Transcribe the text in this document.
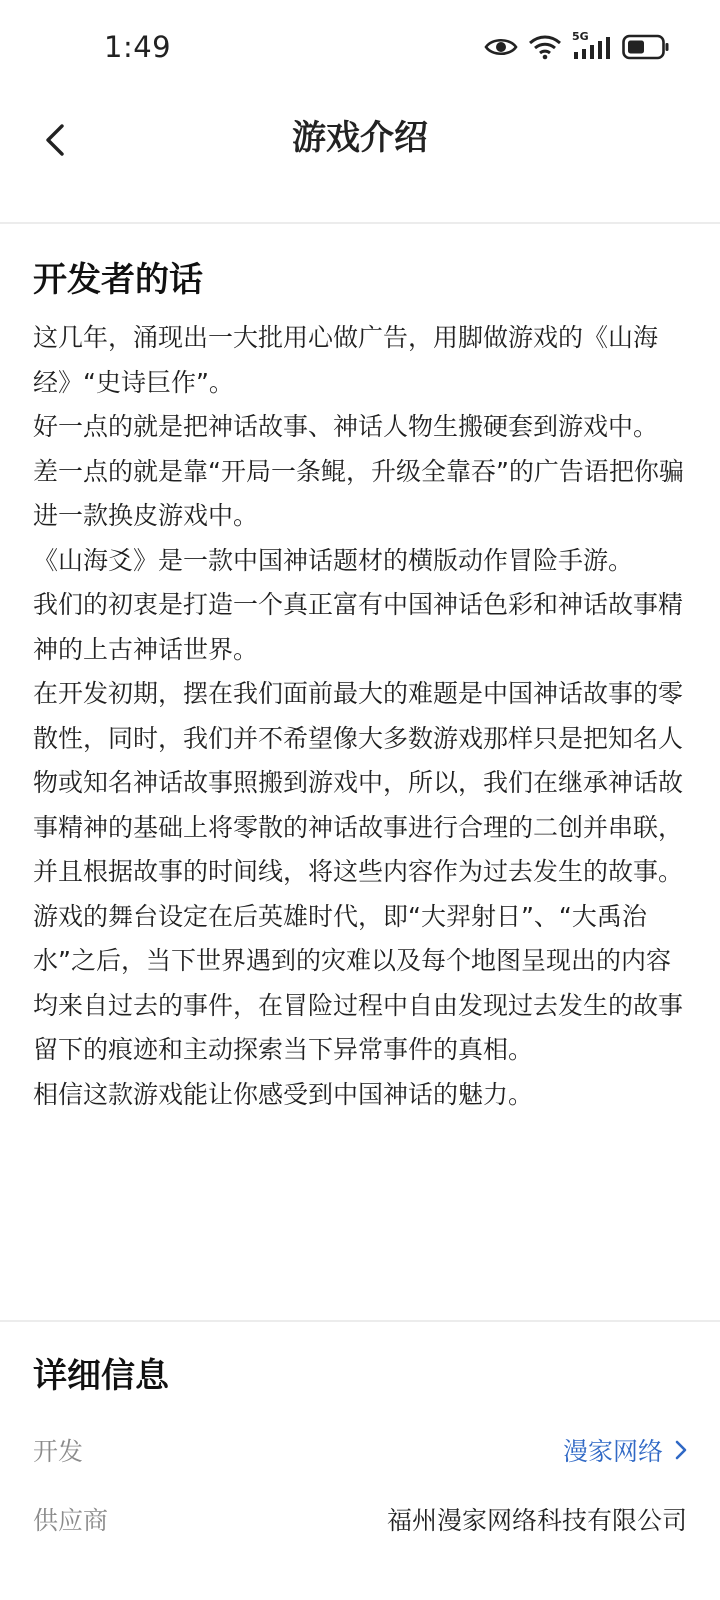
1:49	5G
游戏介绍
开发者的话

这几年，涌现出一大批用心做广告，用脚做游戏的《山海经》“史诗巨作”。

好一点的就是把神话故事、神话人物生搬硬套到游戏中。

差一点的就是靠“开局一条鲲，升级全靠吞”的广告语把你骗进一款换皮游戏中。

《山海爻》是一款中国神话题材的横版动作冒险手游。

我们的初衷是打造一个真正富有中国神话色彩和神话故事精神的上古神话世界。

在开发初期，摆在我们面前最大的难题是中国神话故事的零散性，同时，我们并不希望像大多数游戏那样只是把知名人物或知名神话故事照搬到游戏中，所以，我们在继承神话故事精神的基础上将零散的神话故事进行合理的二创并串联，并且根据故事的时间线，将这些内容作为过去发生的故事。

游戏的舞台设定在后英雄时代，即“大羿射日”、“大禹治水”之后，当下世界遇到的灾难以及每个地图呈现出的内容均来自过去的事件，在冒险过程中自由发现过去发生的故事留下的痕迹和主动探索当下异常事件的真相。

相信这款游戏能让你感受到中国神话的魅力。

详细信息
开发	漫家网络
供应商	福州漫家网络科技有限公司
